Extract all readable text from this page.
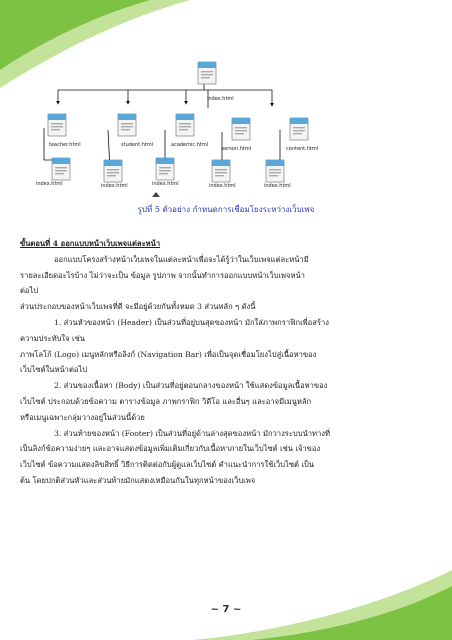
index.html
teacher.html	student.html	academic.html
person.html	content.html
index.html	index.html	index.html	index.html	index.html
รูปที่ 5 ตัวอย่าง กำหนดการเชื่อมโยงระหว่างเว็บเพจ

ขั้นตอนที่ 4 ออกแบบหน้าเว็บเพจแต่ละหน้า

ออกแบบโครงสร้างหน้าเว็บเพจในแต่ละหน้าเพื่อจะได้รู้ว่าในเว็บเพจแต่ละหน้ามี

รายละเอียดอะไรบ้าง ไม่ว่าจะเป็น ข้อมูล รูปภาพ จากนั้นทำการออกแบบหน้าเว็บเพจหน้า

ต่อไป

ส่วนประกอบของหน้าเว็บเพจที่ดี จะมีอยู่ด้วยกันทั้งหมด 3 ส่วนหลัก ๆ ดังนี้

1. ส่วนหัวของหน้า (Header) เป็นส่วนที่อยู่บนสุดของหน้า มักใส่ภาพกราฟิกเพื่อสร้าง

ความประทับใจ เช่น

ภาพโลโก้ (Logo) เมนูหลักหรือลิงก์ (Navigation Bar) เพื่อเป็นจุดเชื่อมโยงไปสู่เนื้อหาของ

เว็บไซต์ในหน้าต่อไป

2. ส่วนของเนื้อหา (Body) เป็นส่วนที่อยู่ตอนกลางของหน้า ใช้แสดงข้อมูลเนื้อหาของ

เว็บไซต์ ประกอบด้วยข้อความ ตารางข้อมูล ภาพกราฟิก วิดีโอ และอื่นๆ และอาจมีเมนูหลัก

หรือเมนูเฉพาะกลุ่มวางอยู่ในส่วนนี้ด้วย

3. ส่วนท้ายของหน้า (Footer) เป็นส่วนที่อยู่ด้านล่างสุดของหน้า มักวางระบบนำทางที่

เป็นลิงก์ข้อความง่ายๆ และอาจแสดงข้อมูลเพิ่มเติมเกี่ยวกับเนื้อหาภายในเว็บไซต์ เช่น เจ้าของ

เว็บไซต์ ข้อความแสดงลิขสิทธิ์ วิธีการติดต่อกับผู้ดูแลเว็บไซต์ คำแนะนำการใช้เว็บไซต์ เป็น

ต้น โดยปกติส่วนหัวและส่วนท้ายมักแสดงเหมือนกันในทุกหน้าของเว็บเพจ

~ 7 ~
